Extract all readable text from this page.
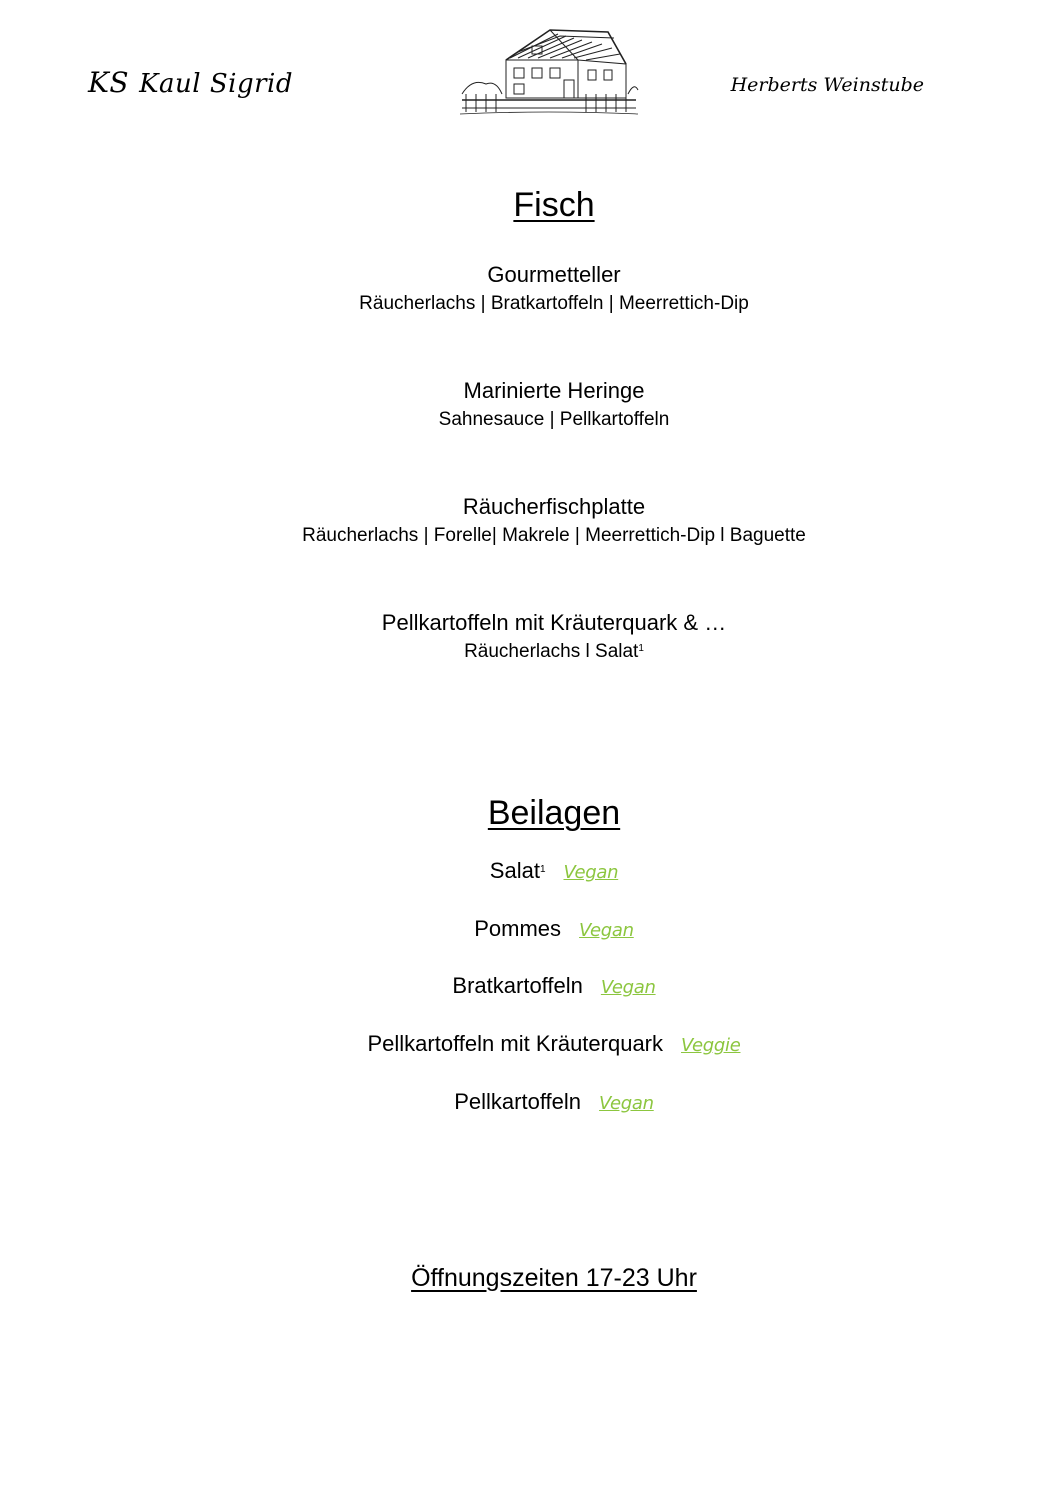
KS Kaul Sigrid	Herberts Weinstube
Fisch
Gourmetteller
Räucherlachs | Bratkartoffeln | Meerrettich-Dip
Marinierte Heringe
Sahnesauce | Pellkartoffeln
Räucherfischplatte
Räucherlachs | Forelle| Makrele | Meerrettich-Dip l Baguette
Pellkartoffeln mit Kräuterquark & …
Räucherlachs l Salat$^1$
Beilagen
Salat$^1$ Vegan
Pommes Vegan
Bratkartoffeln Vegan
Pellkartoffeln mit Kräuterquark Veggie
Pellkartoffeln Vegan
Öffnungszeiten 17-23 Uhr
